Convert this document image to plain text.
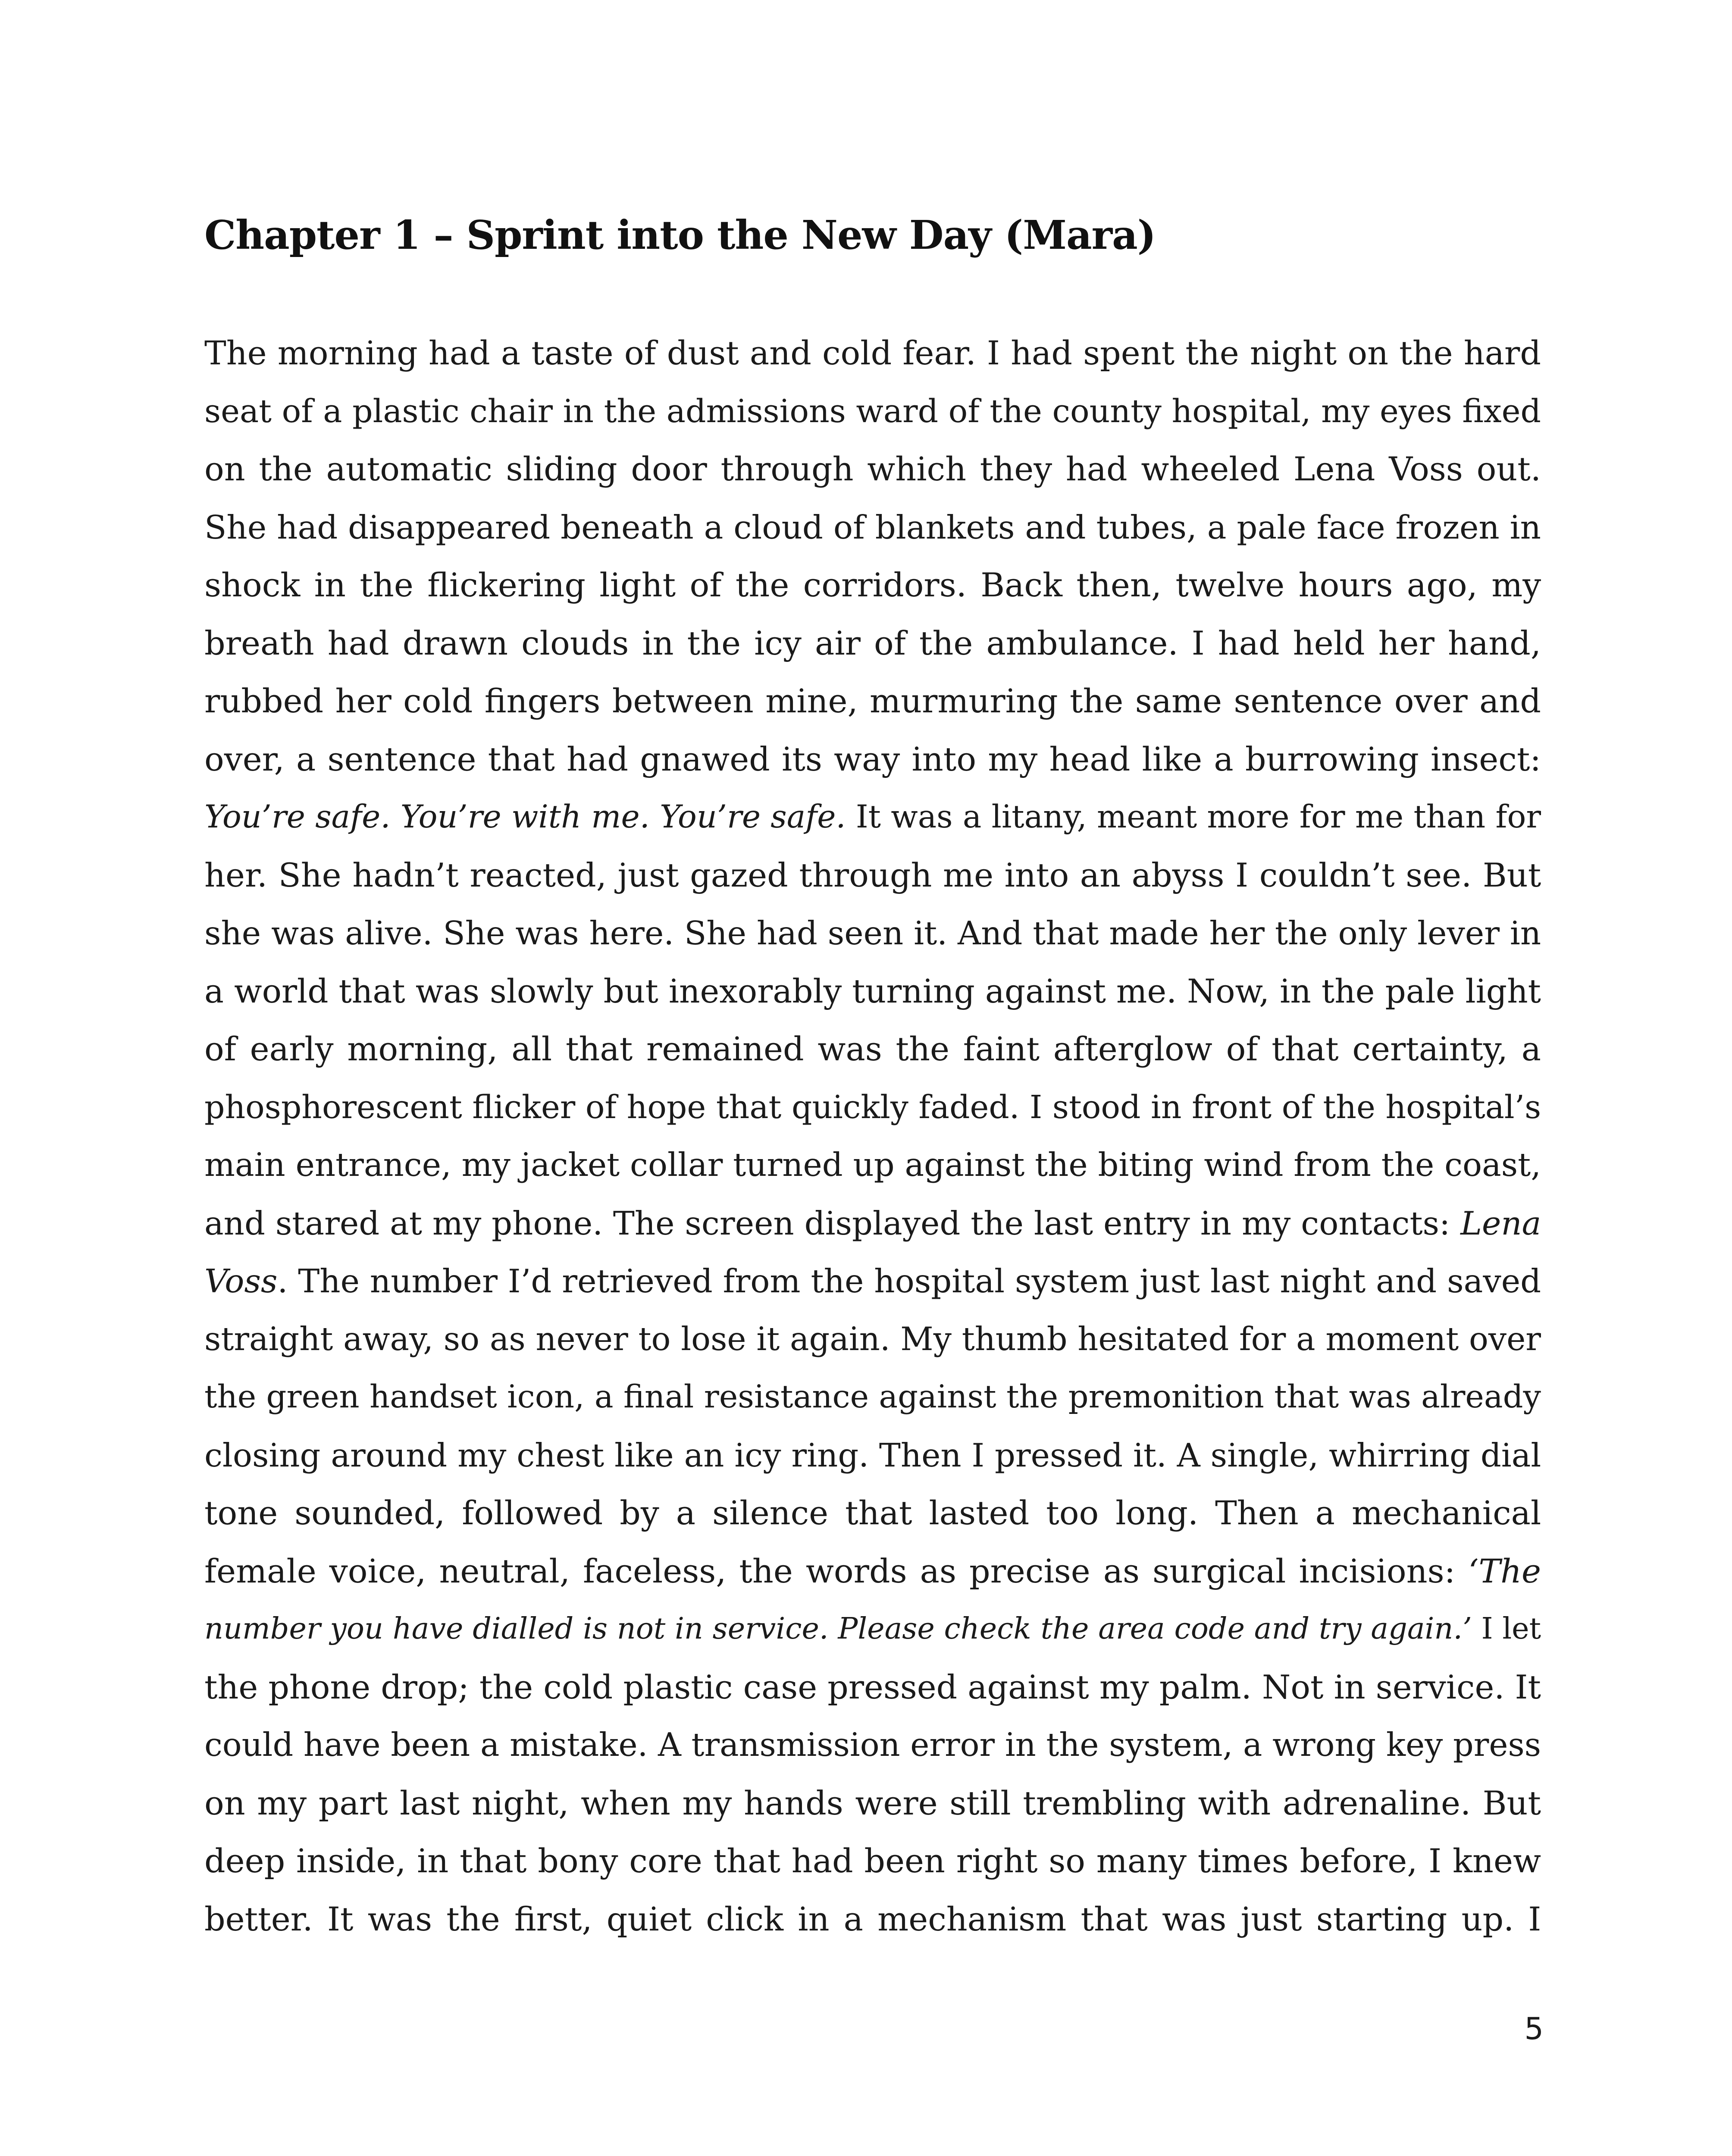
Chapter 1 – Sprint into the New Day (Mara)
The morning had a taste of dust and cold fear. I had spent the night on the hard
seat of a plastic chair in the admissions ward of the county hospital, my eyes fixed
on the automatic sliding door through which they had wheeled Lena Voss out.
She had disappeared beneath a cloud of blankets and tubes, a pale face frozen in
shock in the flickering light of the corridors. Back then, twelve hours ago, my
breath had drawn clouds in the icy air of the ambulance. I had held her hand,
rubbed her cold fingers between mine, murmuring the same sentence over and
over, a sentence that had gnawed its way into my head like a burrowing insect:
You’re safe. You’re with me. You’re safe. It was a litany, meant more for me than for
her. She hadn’t reacted, just gazed through me into an abyss I couldn’t see. But
she was alive. She was here. She had seen it. And that made her the only lever in
a world that was slowly but inexorably turning against me. Now, in the pale light
of early morning, all that remained was the faint afterglow of that certainty, a
phosphorescent flicker of hope that quickly faded. I stood in front of the hospital’s
main entrance, my jacket collar turned up against the biting wind from the coast,
and stared at my phone. The screen displayed the last entry in my contacts: Lena
Voss. The number I’d retrieved from the hospital system just last night and saved
straight away, so as never to lose it again. My thumb hesitated for a moment over
the green handset icon, a final resistance against the premonition that was already
closing around my chest like an icy ring. Then I pressed it. A single, whirring dial
tone sounded, followed by a silence that lasted too long. Then a mechanical
female voice, neutral, faceless, the words as precise as surgical incisions: ‘The
number you have dialled is not in service. Please check the area code and try again.’ I let
the phone drop; the cold plastic case pressed against my palm. Not in service. It
could have been a mistake. A transmission error in the system, a wrong key press
on my part last night, when my hands were still trembling with adrenaline. But
deep inside, in that bony core that had been right so many times before, I knew
better. It was the first, quiet click in a mechanism that was just starting up. I
5
